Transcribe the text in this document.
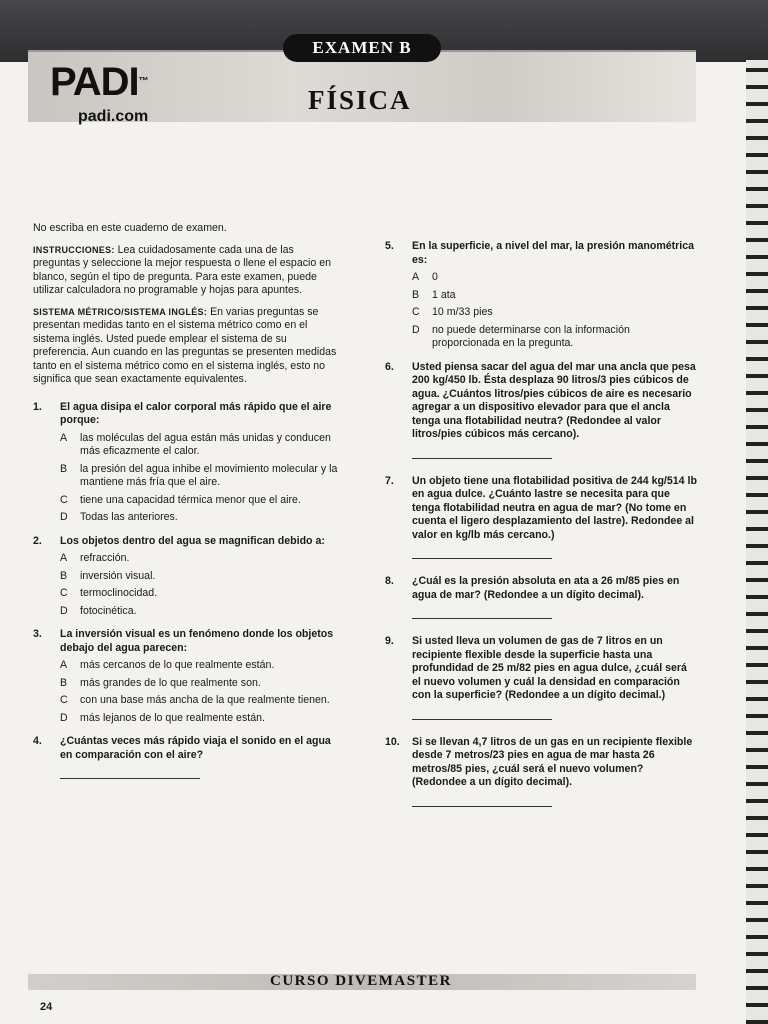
EXAMEN B
PADI™
padi.com
FÍSICA

No escriba en este cuaderno de examen.

INSTRUCCIONES: Lea cuidadosamente cada una de las preguntas y seleccione la mejor respuesta o llene el espacio en blanco, según el tipo de pregunta. Para este examen, puede utilizar calculadora no programable y hojas para apuntes.

SISTEMA MÉTRICO/SISTEMA INGLÉS: En varias preguntas se presentan medidas tanto en el sistema métrico como en el sistema inglés. Usted puede emplear el sistema de su preferencia. Aun cuando en las preguntas se presenten medidas tanto en el sistema métrico como en el sistema inglés, esto no significa que sean exactamente equivalentes.

1.	El agua disipa el calor corporal más rápido que el aire porque:
A	las moléculas del agua están más unidas y conducen más eficazmente el calor.
B	la presión del agua inhibe el movimiento molecular y la mantiene más fría que el aire.
C	tiene una capacidad térmica menor que el aire.
D	Todas las anteriores.
2.	Los objetos dentro del agua se magnifican debido a:
A	refracción.
B	inversión visual.
C	termoclinocidad.
D	fotocinética.
3.	La inversión visual es un fenómeno donde los objetos debajo del agua parecen:
A	más cercanos de lo que realmente están.
B	más grandes de lo que realmente son.
C	con una base más ancha de la que realmente tienen.
D	más lejanos de lo que realmente están.
4.	¿Cuántas veces más rápido viaja el sonido en el agua en comparación con el aire?
5.	En la superficie, a nivel del mar, la presión manométrica es:
A	0
B	1 ata
C	10 m/33 pies
D	no puede determinarse con la información proporcionada en la pregunta.
6.	Usted piensa sacar del agua del mar una ancla que pesa 200 kg/450 lb. Ésta desplaza 90 litros/3 pies cúbicos de agua. ¿Cuántos litros/pies cúbicos de aire es necesario agregar a un dispositivo elevador para que el ancla tenga una flotabilidad neutra? (Redondee al valor litros/pies cúbicos más cercano).
7.	Un objeto tiene una flotabilidad positiva de 244 kg/514 lb en agua dulce. ¿Cuánto lastre se necesita para que tenga flotabilidad neutra en agua de mar? (No tome en cuenta el ligero desplazamiento del lastre). Redondee al valor en kg/lb más cercano.)
8.	¿Cuál es la presión absoluta en ata a 26 m/85 pies en agua de mar? (Redondee a un dígito decimal).
9.	Si usted lleva un volumen de gas de 7 litros en un recipiente flexible desde la superficie hasta una profundidad de 25 m/82 pies en agua dulce, ¿cuál será el nuevo volumen y cuál la densidad en comparación con la superficie? (Redondee a un dígito decimal.)
10.	Si se llevan 4,7 litros de un gas en un recipiente flexible desde 7 metros/23 pies en agua de mar hasta 26 metros/85 pies, ¿cuál será el nuevo volumen? (Redondee a un dígito decimal).
CURSO DIVEMASTER
24
